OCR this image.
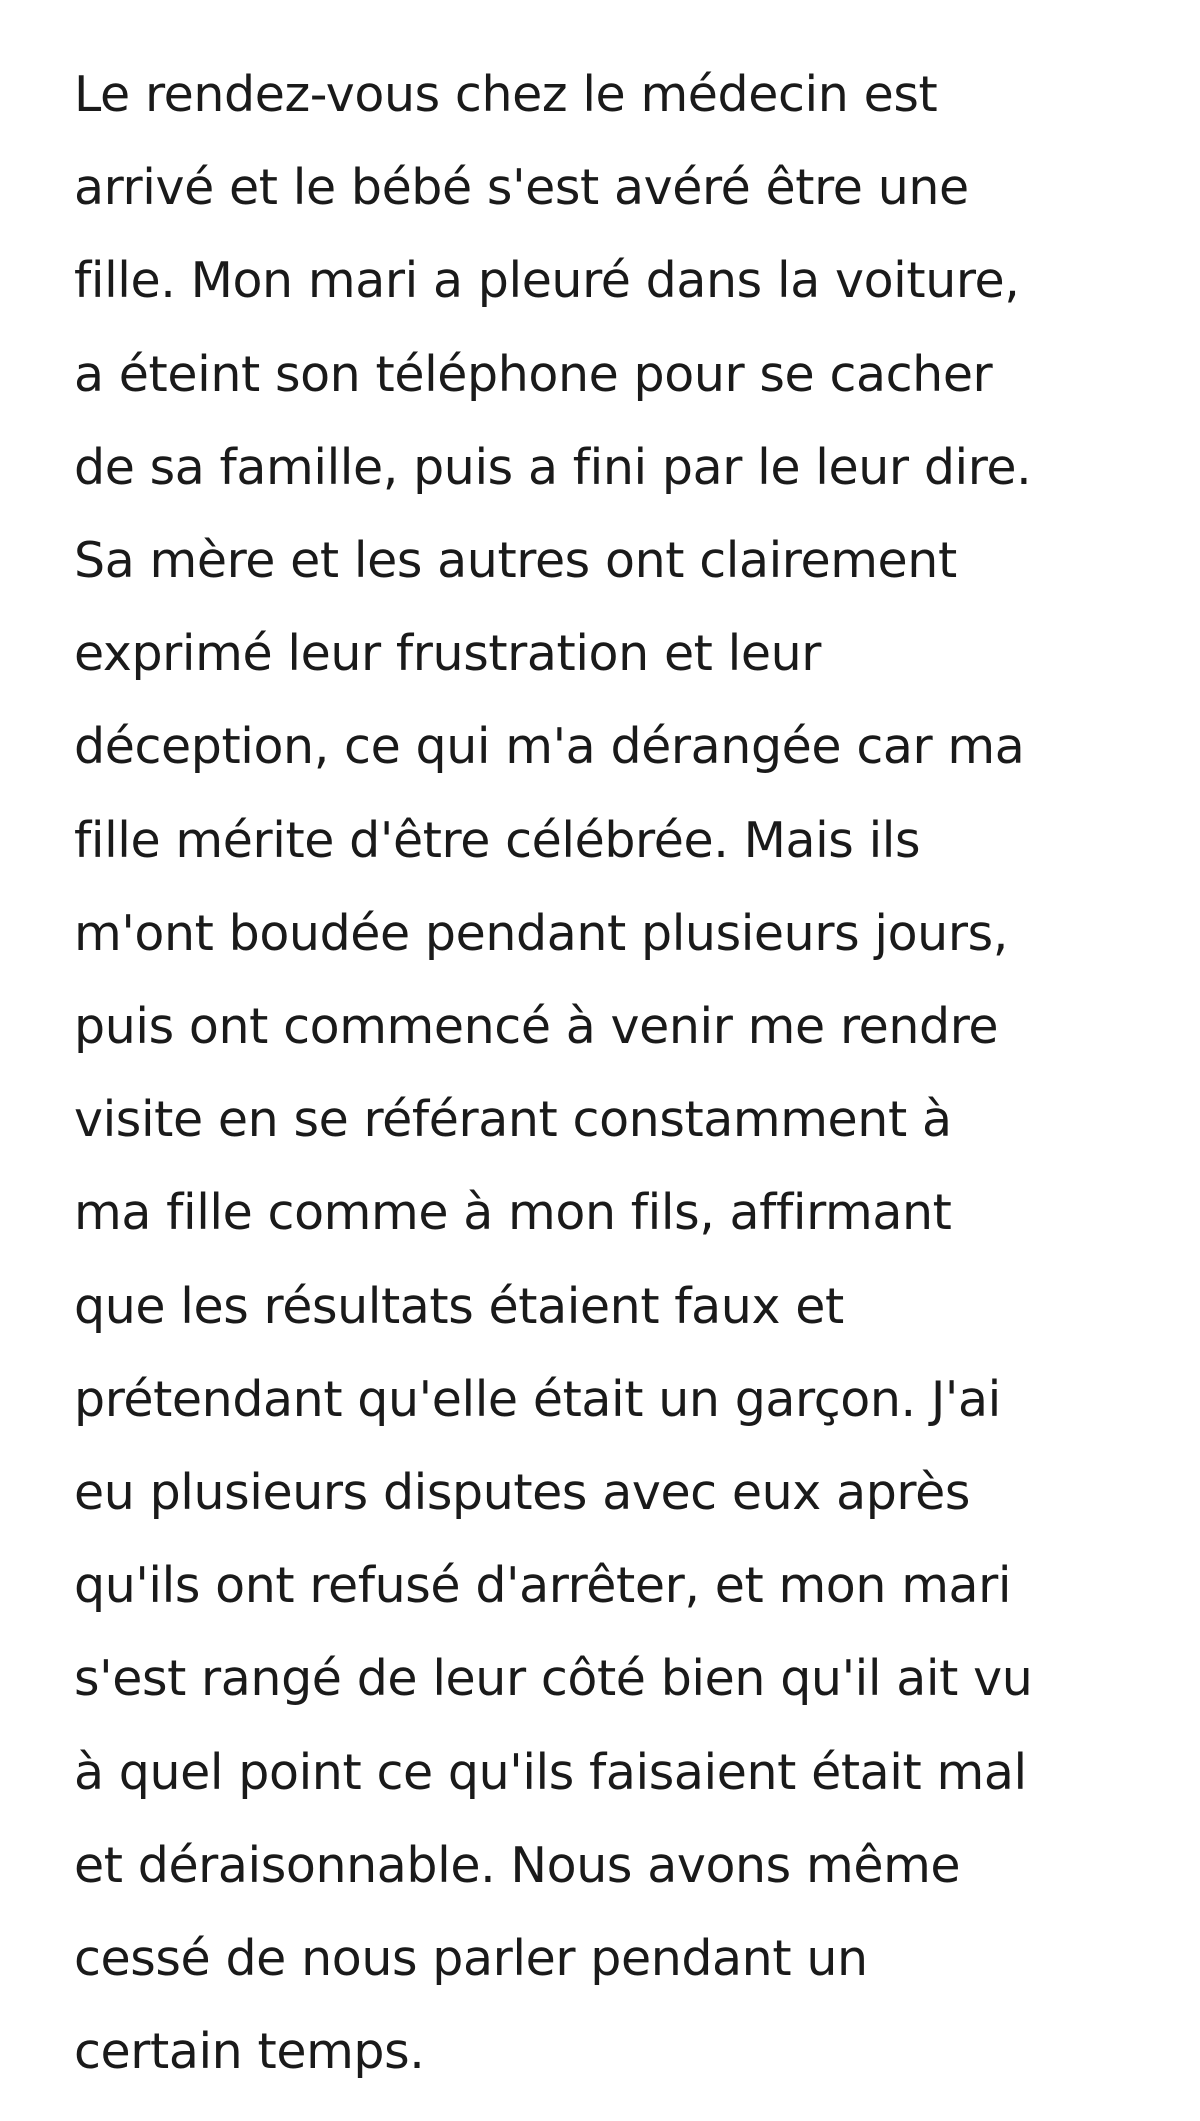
Le rendez-vous chez le médecin est
arrivé et le bébé s'est avéré être une
fille. Mon mari a pleuré dans la voiture,
a éteint son téléphone pour se cacher
de sa famille, puis a fini par le leur dire.
Sa mère et les autres ont clairement
exprimé leur frustration et leur
déception, ce qui m'a dérangée car ma
fille mérite d'être célébrée. Mais ils
m'ont boudée pendant plusieurs jours,
puis ont commencé à venir me rendre
visite en se référant constamment à
ma fille comme à mon fils, affirmant
que les résultats étaient faux et
prétendant qu'elle était un garçon. J'ai
eu plusieurs disputes avec eux après
qu'ils ont refusé d'arrêter, et mon mari
s'est rangé de leur côté bien qu'il ait vu
à quel point ce qu'ils faisaient était mal
et déraisonnable. Nous avons même
cessé de nous parler pendant un
certain temps.
